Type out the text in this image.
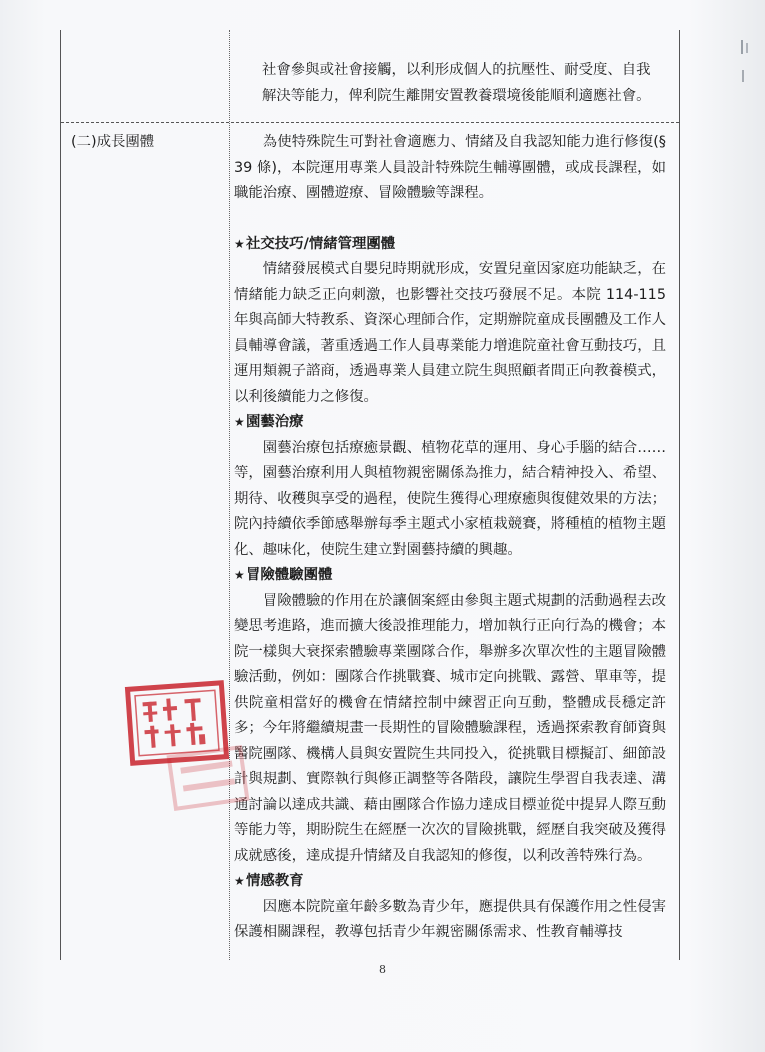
社會參與或社會接觸，以利形成個人的抗壓性、耐受度、自我

解決等能力，俾利院生離開安置教養環境後能順利適應社會。

(二)成長團體	為使特殊院生可對社會適應力、情緒及自我認知能力進行修復(§39 條)，本院運用專業人員設計特殊院生輔導團體，或成長課程，如職能治療、團體遊療、冒險體驗等課程。

★社交技巧/情緒管理團體

情緒發展模式自嬰兒時期就形成，安置兒童因家庭功能缺乏，在情緒能力缺乏正向刺激，也影響社交技巧發展不足。本院 114-115 年與高師大特教系、資深心理師合作，定期辦院童成長團體及工作人員輔導會議，著重透過工作人員專業能力增進院童社會互動技巧，且運用類親子諮商，透過專業人員建立院生與照顧者間正向教養模式，以利後續能力之修復。

★園藝治療

園藝治療包括療癒景觀、植物花草的運用、身心手腦的結合……等，園藝治療利用人與植物親密關係為推力，結合精神投入、希望、期待、收穫與享受的過程，使院生獲得心理療癒與復健效果的方法；院內持續依季節感舉辦每季主題式小家植栽競賽，將種植的植物主題化、趣味化，使院生建立對園藝持續的興趣。

★冒險體驗團體

冒險體驗的作用在於讓個案經由參與主題式規劃的活動過程去改變思考進路，進而擴大後設推理能力，增加執行正向行為的機會；本院一樣與大衰探索體驗專業團隊合作，舉辦多次單次性的主題冒險體驗活動，例如：團隊合作挑戰賽、城市定向挑戰、露營、單車等，提供院童相當好的機會在情緒控制中練習正向互動，整體成長穩定許多；今年將繼續規畫一長期性的冒險體驗課程，透過探索教育師資與醫院團隊、機構人員與安置院生共同投入，從挑戰目標擬訂、細節設計與規劃、實際執行與修正調整等各階段，讓院生學習自我表達、溝通討論以達成共識、藉由團隊合作協力達成目標並從中提昇人際互動等能力等，期盼院生在經歷一次次的冒險挑戰，經歷自我突破及獲得成就感後，達成提升情緒及自我認知的修復，以利改善特殊行為。

★情感教育

因應本院院童年齡多數為青少年，應提供具有保護作用之性侵害保護相關課程，教導包括青少年親密關係需求、性教育輔導技

8
